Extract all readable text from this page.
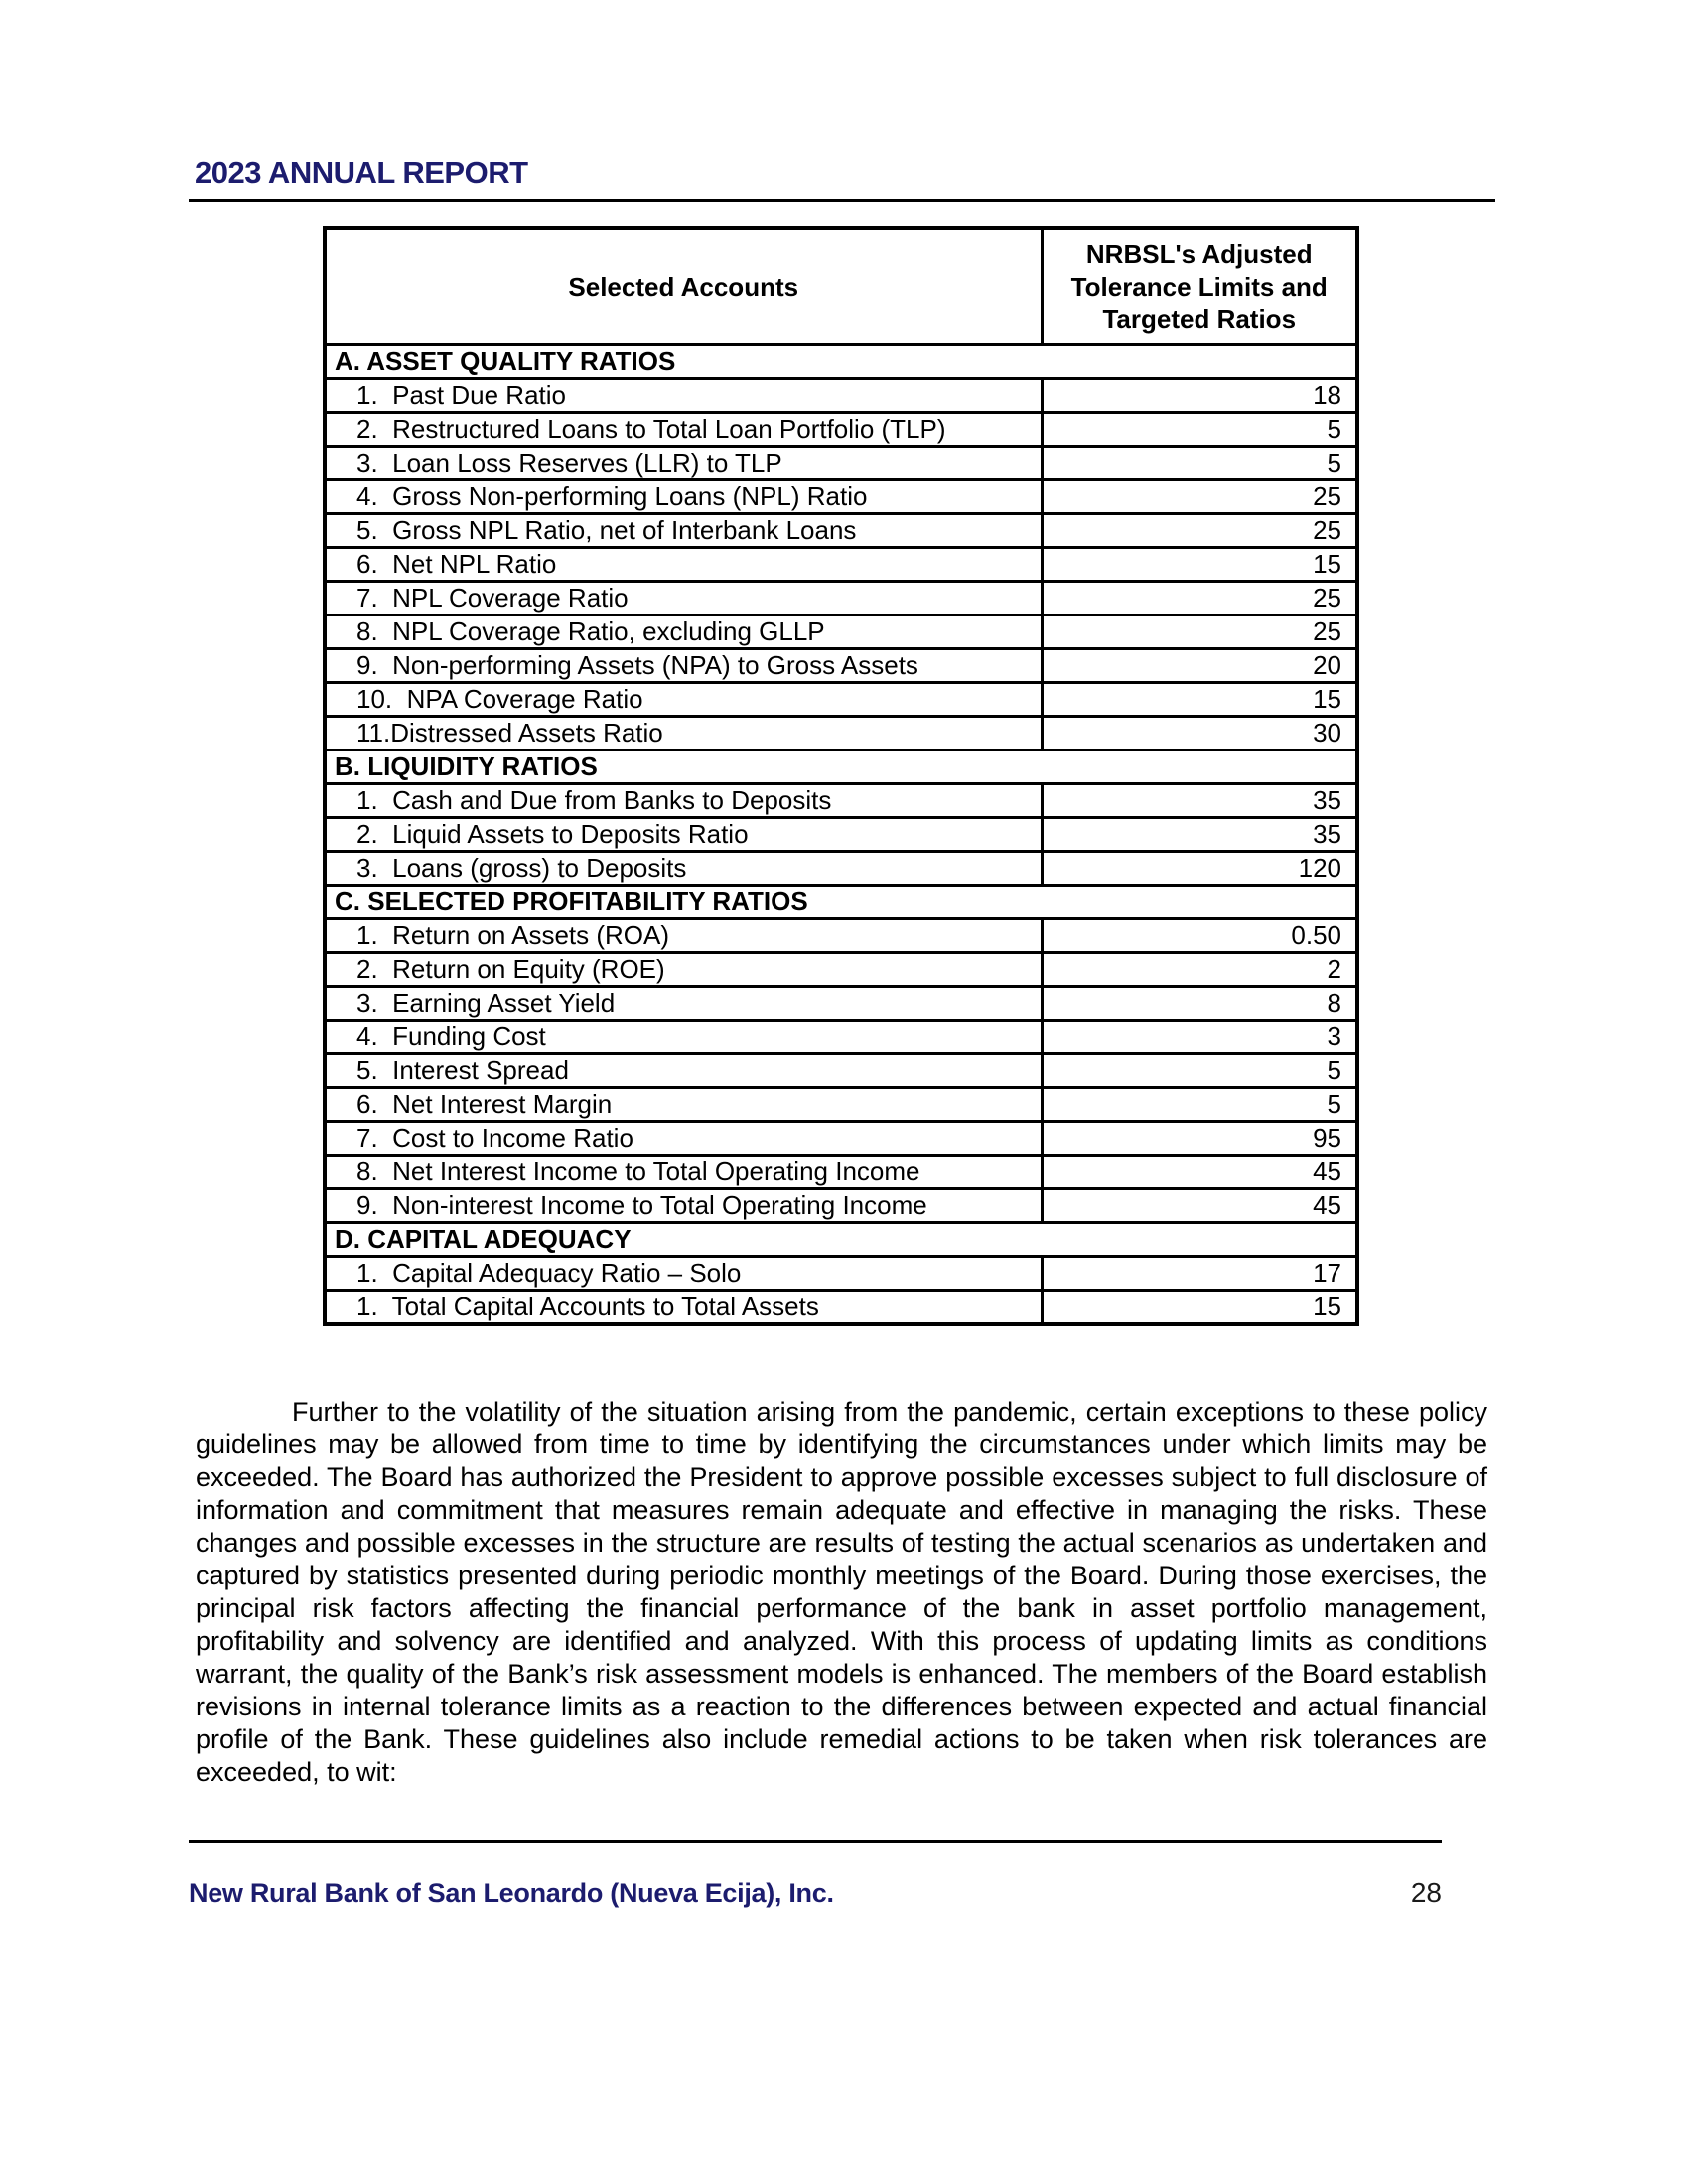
2023 ANNUAL REPORT
Selected Accounts	NRBSL's Adjusted Tolerance Limits and Targeted Ratios
A. ASSET QUALITY RATIOS	
1.  Past Due Ratio	18
2.  Restructured Loans to Total Loan Portfolio (TLP)	5
3.  Loan Loss Reserves (LLR) to TLP	5
4.  Gross Non-performing Loans (NPL) Ratio	25
5.  Gross NPL Ratio, net of Interbank Loans	25
6.  Net NPL Ratio	15
7.  NPL Coverage Ratio	25
8.  NPL Coverage Ratio, excluding GLLP	25
9.  Non-performing Assets (NPA) to Gross Assets	20
10.  NPA Coverage Ratio	15
11.Distressed Assets Ratio	30
B. LIQUIDITY RATIOS	
1.  Cash and Due from Banks to Deposits	35
2.  Liquid Assets to Deposits Ratio	35
3.  Loans (gross) to Deposits	120
C. SELECTED PROFITABILITY RATIOS	
1.  Return on Assets (ROA)	0.50
2.  Return on Equity (ROE)	2
3.  Earning Asset Yield	8
4.  Funding Cost	3
5.  Interest Spread	5
6.  Net Interest Margin	5
7.  Cost to Income Ratio	95
8.  Net Interest Income to Total Operating Income	45
9.  Non-interest Income to Total Operating Income	45
D. CAPITAL ADEQUACY	
1.  Capital Adequacy Ratio – Solo	17
1.  Total Capital Accounts to Total Assets	15

Further to the volatility of the situation arising from the pandemic, certain exceptions to these policy guidelines may be allowed from time to time by identifying the circumstances under which limits may be exceeded. The Board has authorized the President to approve possible excesses subject to full disclosure of information and commitment that measures remain adequate and effective in managing the risks. These changes and possible excesses in the structure are results of testing the actual scenarios as undertaken and captured by statistics presented during periodic monthly meetings of the Board. During those exercises, the principal risk factors affecting the financial performance of the bank in asset portfolio management, profitability and solvency are identified and analyzed. With this process of updating limits as conditions warrant, the quality of the Bank’s risk assessment models is enhanced. The members of the Board establish revisions in internal tolerance limits as a reaction to the differences between expected and actual financial profile of the Bank. These guidelines also include remedial actions to be taken when risk tolerances are exceeded, to wit:

New Rural Bank of San Leonardo (Nueva Ecija), Inc.	28
